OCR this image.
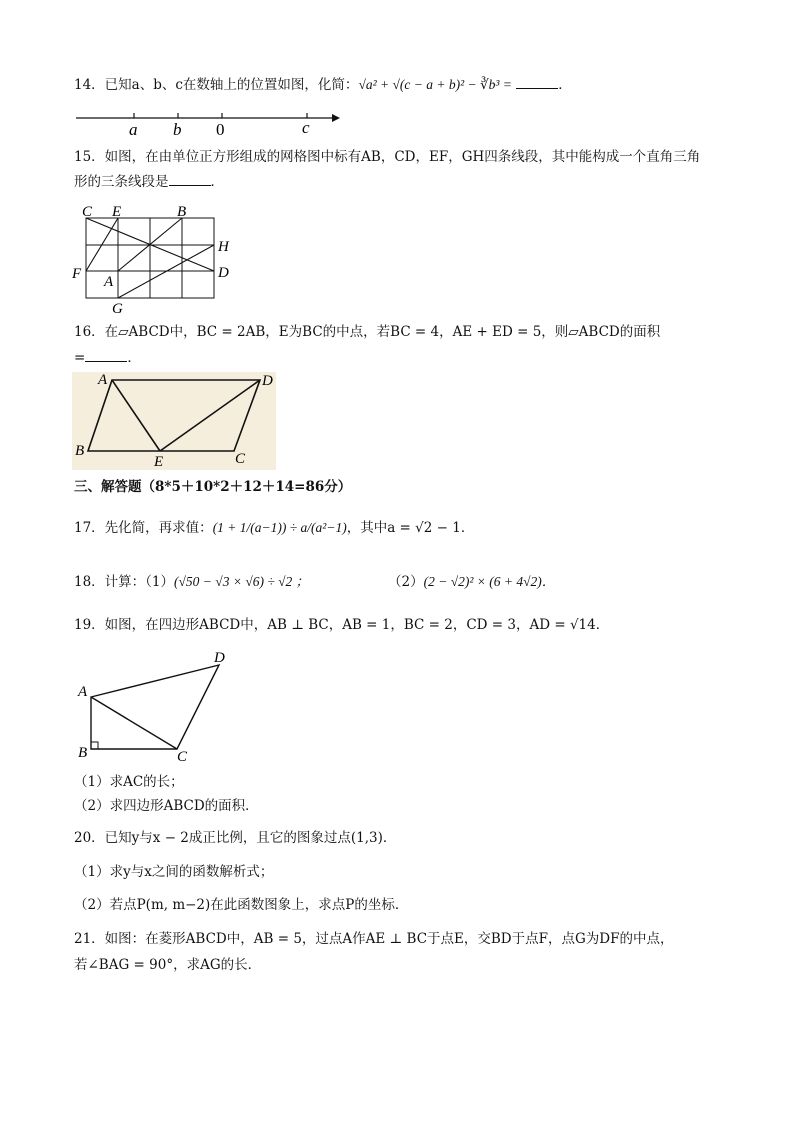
14．已知a、b、c在数轴上的位置如图，化简：√a² + √(c − a + b)² − ∛b³ =	．
a b 0	c
15．如图，在由单位正方形组成的网格图中标有AB，CD，EF，GH四条线段，其中能构成一个直角三角
形的三条线段是	．
C E	B
H
F	D
A
G
16．在▱ABCD中，BC = 2AB，E为BC的中点，若BC = 4，AE + ED = 5，则▱ABCD的面积
=	．
A	D
B
E	C
三、解答题（8*5＋10*2＋12＋14=86分）
17．先化简，再求值：(1 + 1/(a−1)) ÷ a/(a²−1)，其中a = √2 − 1．
18．计算：（1）(√50 − √3 × √6) ÷ √2 ；	（2）(2 − √2)² × (6 + 4√2)．
19．如图，在四边形ABCD中，AB ⊥ BC，AB = 1，BC = 2，CD = 3，AD = √14．
D
A
B	C
（1）求AC的长；
（2）求四边形ABCD的面积．
20．已知y与x − 2成正比例，且它的图象过点(1,3)．
（1）求y与x之间的函数解析式；
（2）若点P(m, m−2)在此函数图象上，求点P的坐标．
21．如图：在菱形ABCD中，AB = 5，过点A作AE ⊥ BC于点E，交BD于点F，点G为DF的中点，
若∠BAG = 90°，求AG的长．
